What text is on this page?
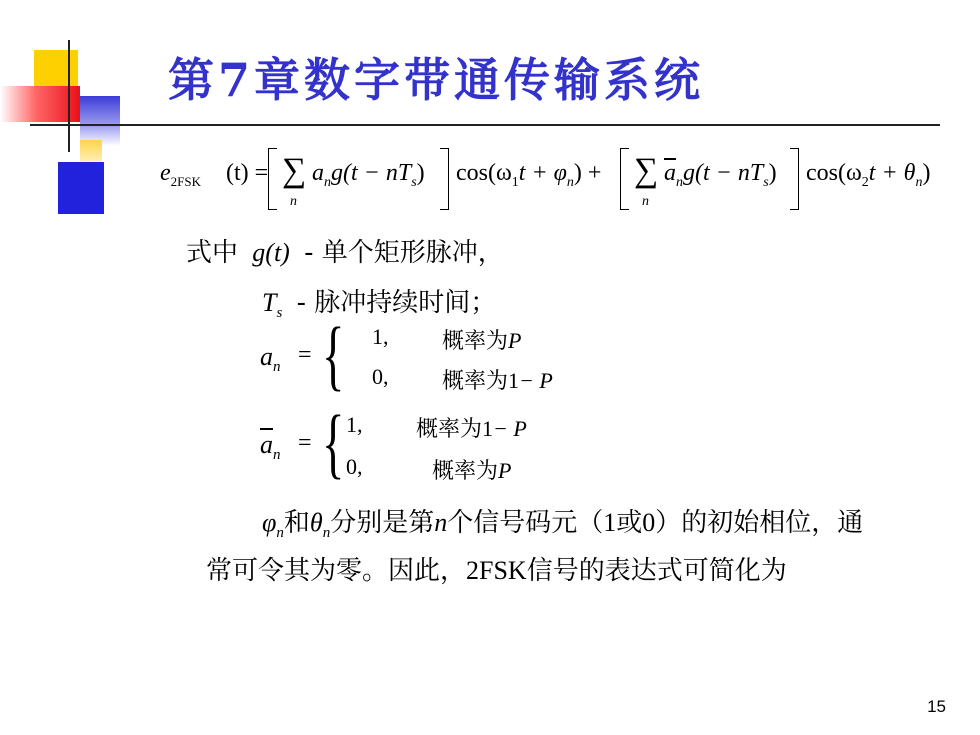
第7章数字带通传输系统
$e_{2FSK}$ (t) = ∑
n
$a_ng(t - nT_s) \cos(\omega_1t + \varphi_n)$ + ∑
n
$\overline{a}_ng(t - nT_s) \cos(\omega_2t + \theta_n)$
式中 g(t) - 单个矩形脉冲，
$T_s$ - 脉冲持续时间；
$a_n$ = { 1, 概率为P
0, 概率为1− P
$\overline{a}_n$ = { 1, 概率为1− P
0,	概率为P
$\varphi_n$和$\theta_n$分别是第n个信号码元（1或0）的初始相位，通
常可令其为零。因此，2FSK信号的表达式可简化为
15
